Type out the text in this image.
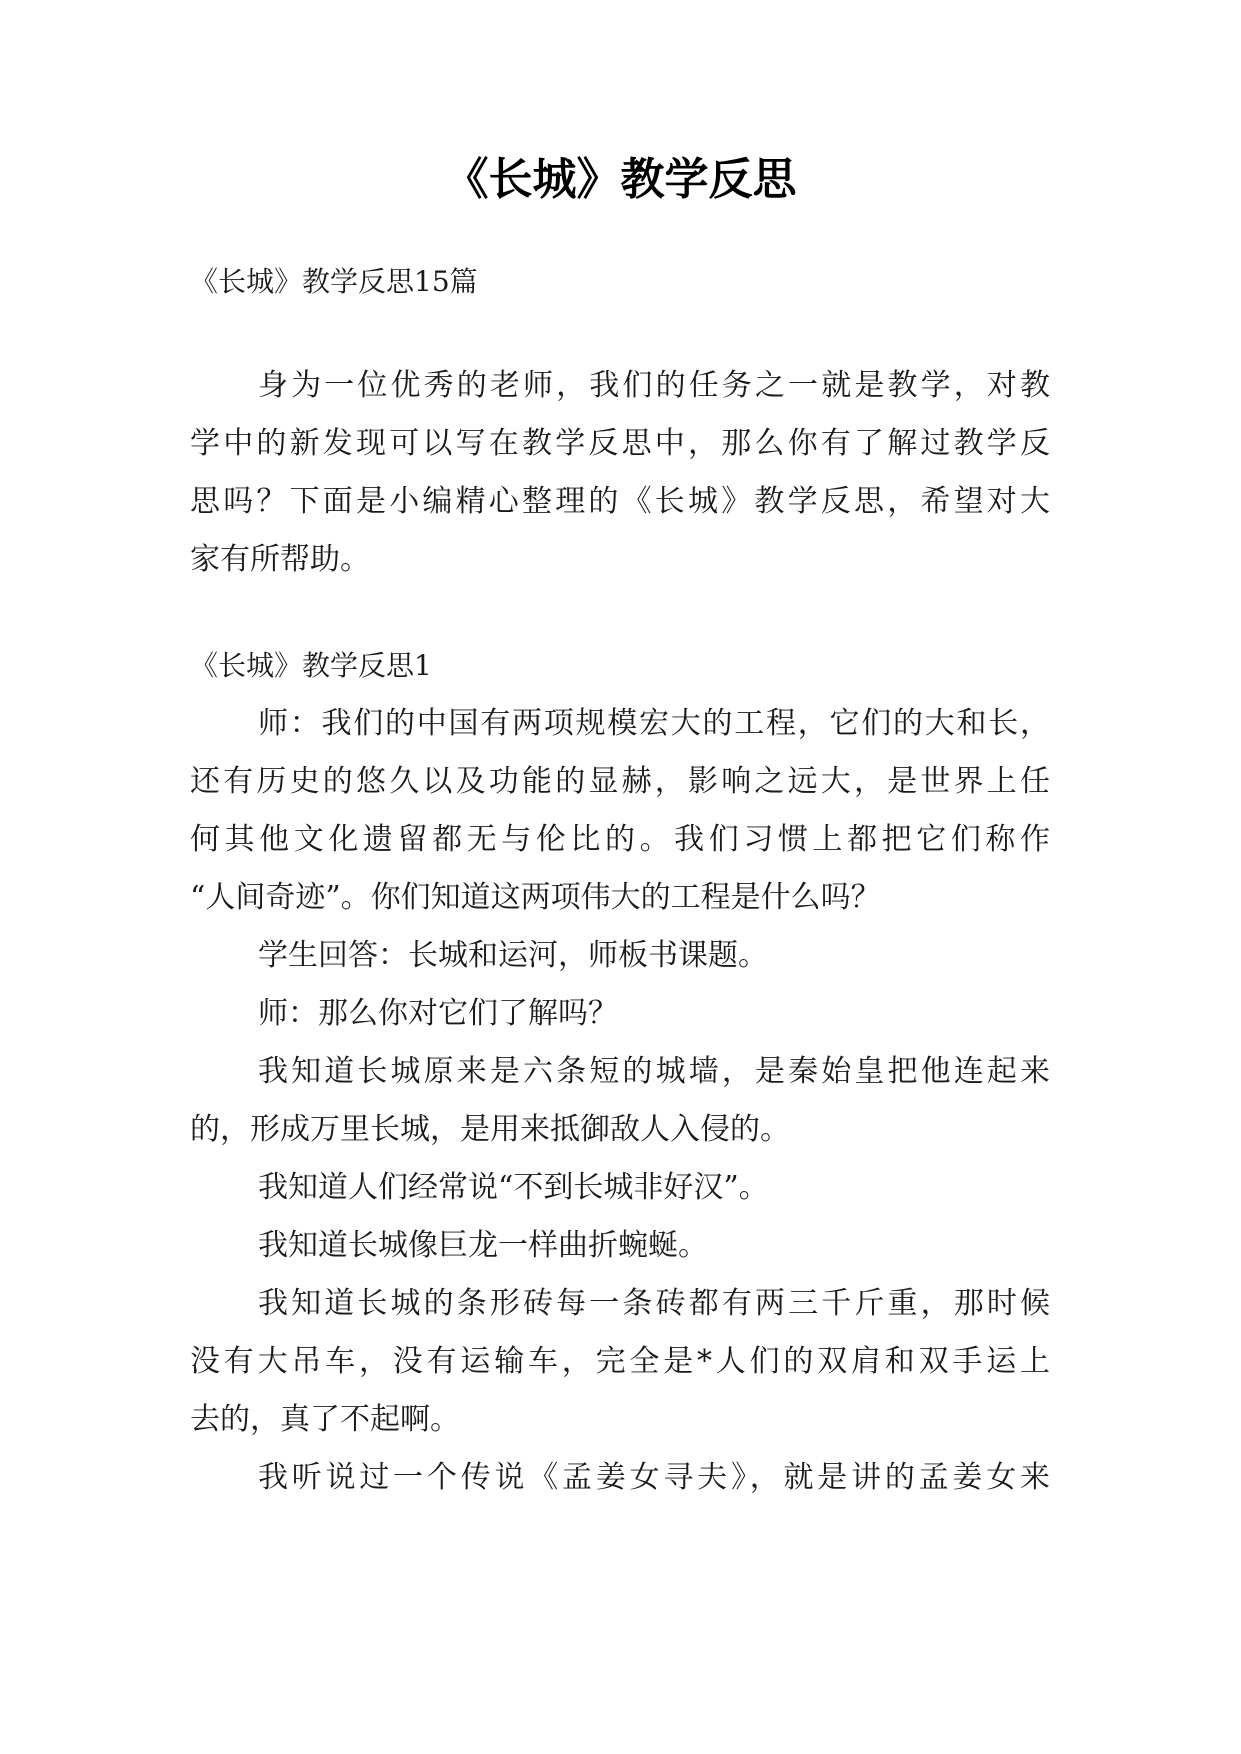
《长城》教学反思
《长城》教学反思15篇
身为一位优秀的老师，我们的任务之一就是教学，对教
学中的新发现可以写在教学反思中，那么你有了解过教学反
思吗？下面是小编精心整理的《长城》教学反思，希望对大
家有所帮助。
《长城》教学反思1
师：我们的中国有两项规模宏大的工程，它们的大和长，
还有历史的悠久以及功能的显赫，影响之远大，是世界上任
何其他文化遗留都无与伦比的。我们习惯上都把它们称作
“人间奇迹”。你们知道这两项伟大的工程是什么吗？
学生回答：长城和运河，师板书课题。
师：那么你对它们了解吗？
我知道长城原来是六条短的城墙，是秦始皇把他连起来
的，形成万里长城，是用来抵御敌人入侵的。
我知道人们经常说“不到长城非好汉”。
我知道长城像巨龙一样曲折蜿蜒。
我知道长城的条形砖每一条砖都有两三千斤重，那时候
没有大吊车，没有运输车，完全是*人们的双肩和双手运上
去的，真了不起啊。
我听说过一个传说《孟姜女寻夫》，就是讲的孟姜女来
